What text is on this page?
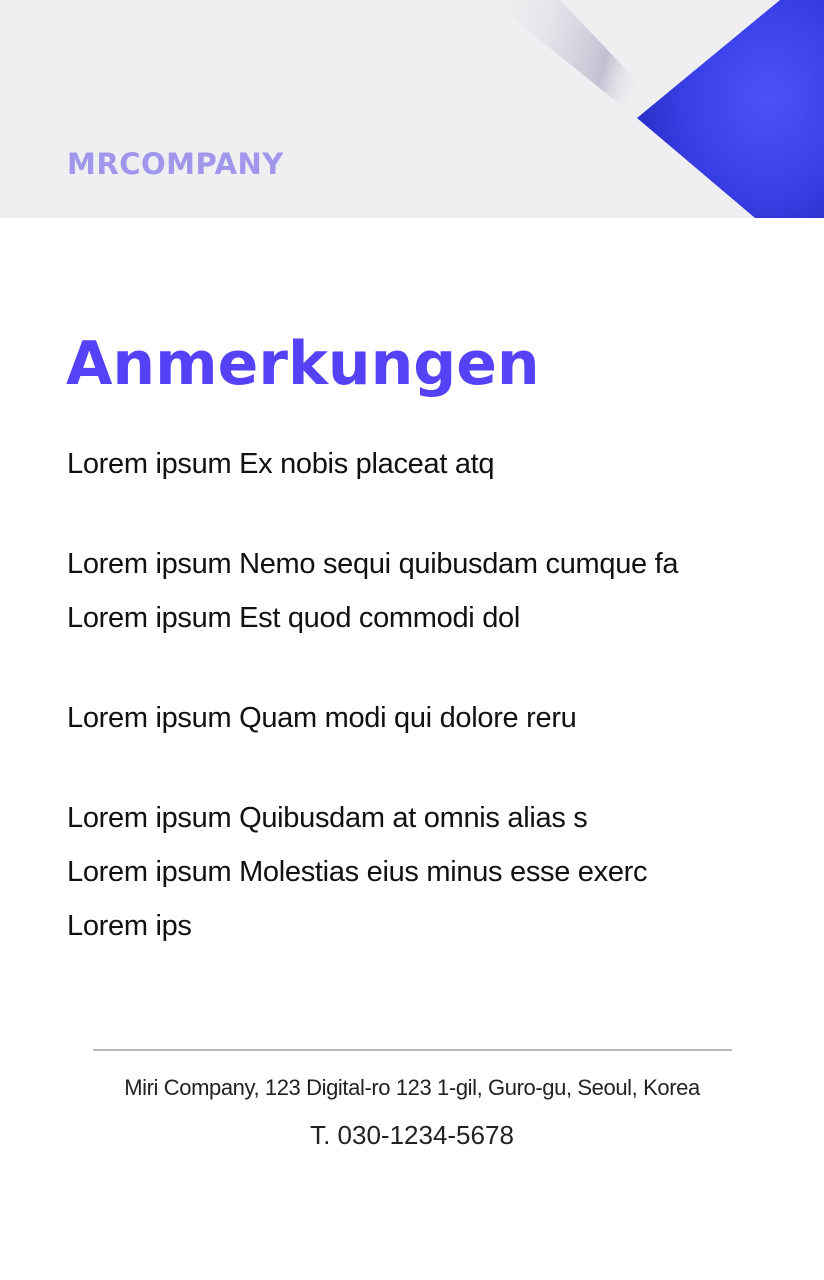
MRCOMPANY
Anmerkungen
Lorem ipsum Ex nobis placeat atq
Lorem ipsum Nemo sequi quibusdam cumque fa
Lorem ipsum Est quod commodi dol
Lorem ipsum Quam modi qui dolore reru
Lorem ipsum Quibusdam at omnis alias s
Lorem ipsum Molestias eius minus esse exerc
Lorem ips
Miri Company, 123 Digital-ro 123 1-gil, Guro-gu, Seoul, Korea
T. 030-1234-5678
